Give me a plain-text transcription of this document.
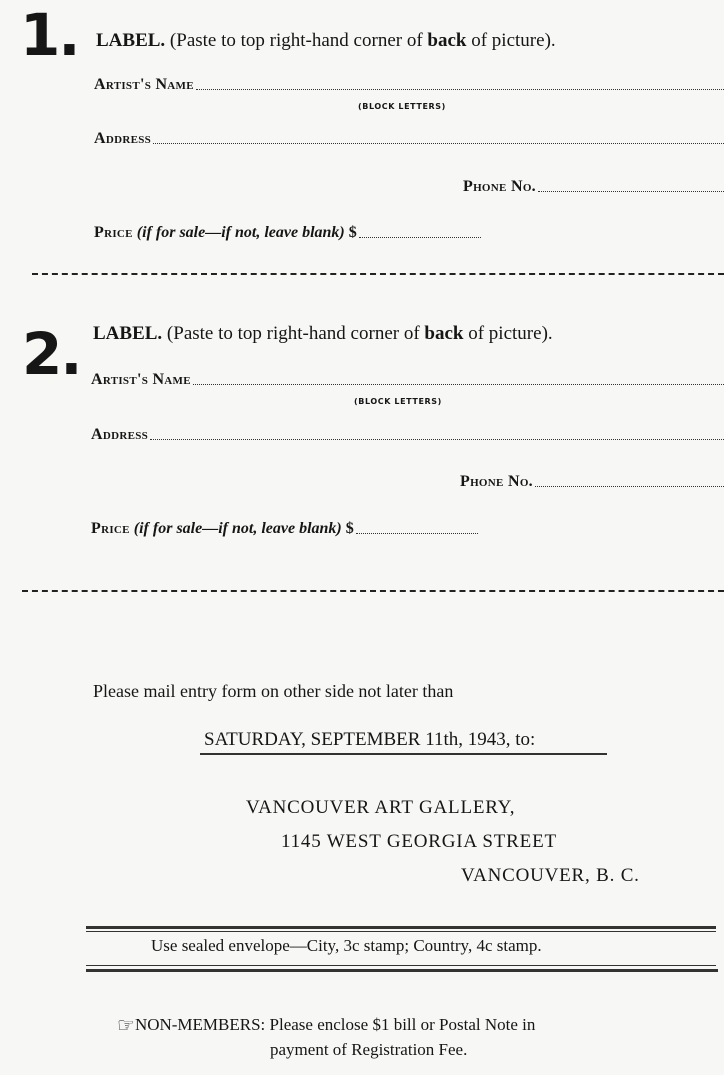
1. LABEL. (Paste to top right-hand corner of back of picture).
Artist's Name
(BLOCK LETTERS)
Address
Phone No.
Price
(if for sale—if not, leave blank)
$
2. LABEL. (Paste to top right-hand corner of back of picture).
Artist's Name
(BLOCK LETTERS)
Address
Phone No.
Price
(if for sale—if not, leave blank)
$
Please mail entry form on other side not later than
SATURDAY, SEPTEMBER 11th, 1943, to:
VANCOUVER ART GALLERY,
1145 WEST GEORGIA STREET
VANCOUVER, B. C.
Use sealed envelope—City, 3c stamp; Country, 4c stamp.
☞ NON-MEMBERS: Please enclose $1 bill or Postal Note in
payment of Registration Fee.
